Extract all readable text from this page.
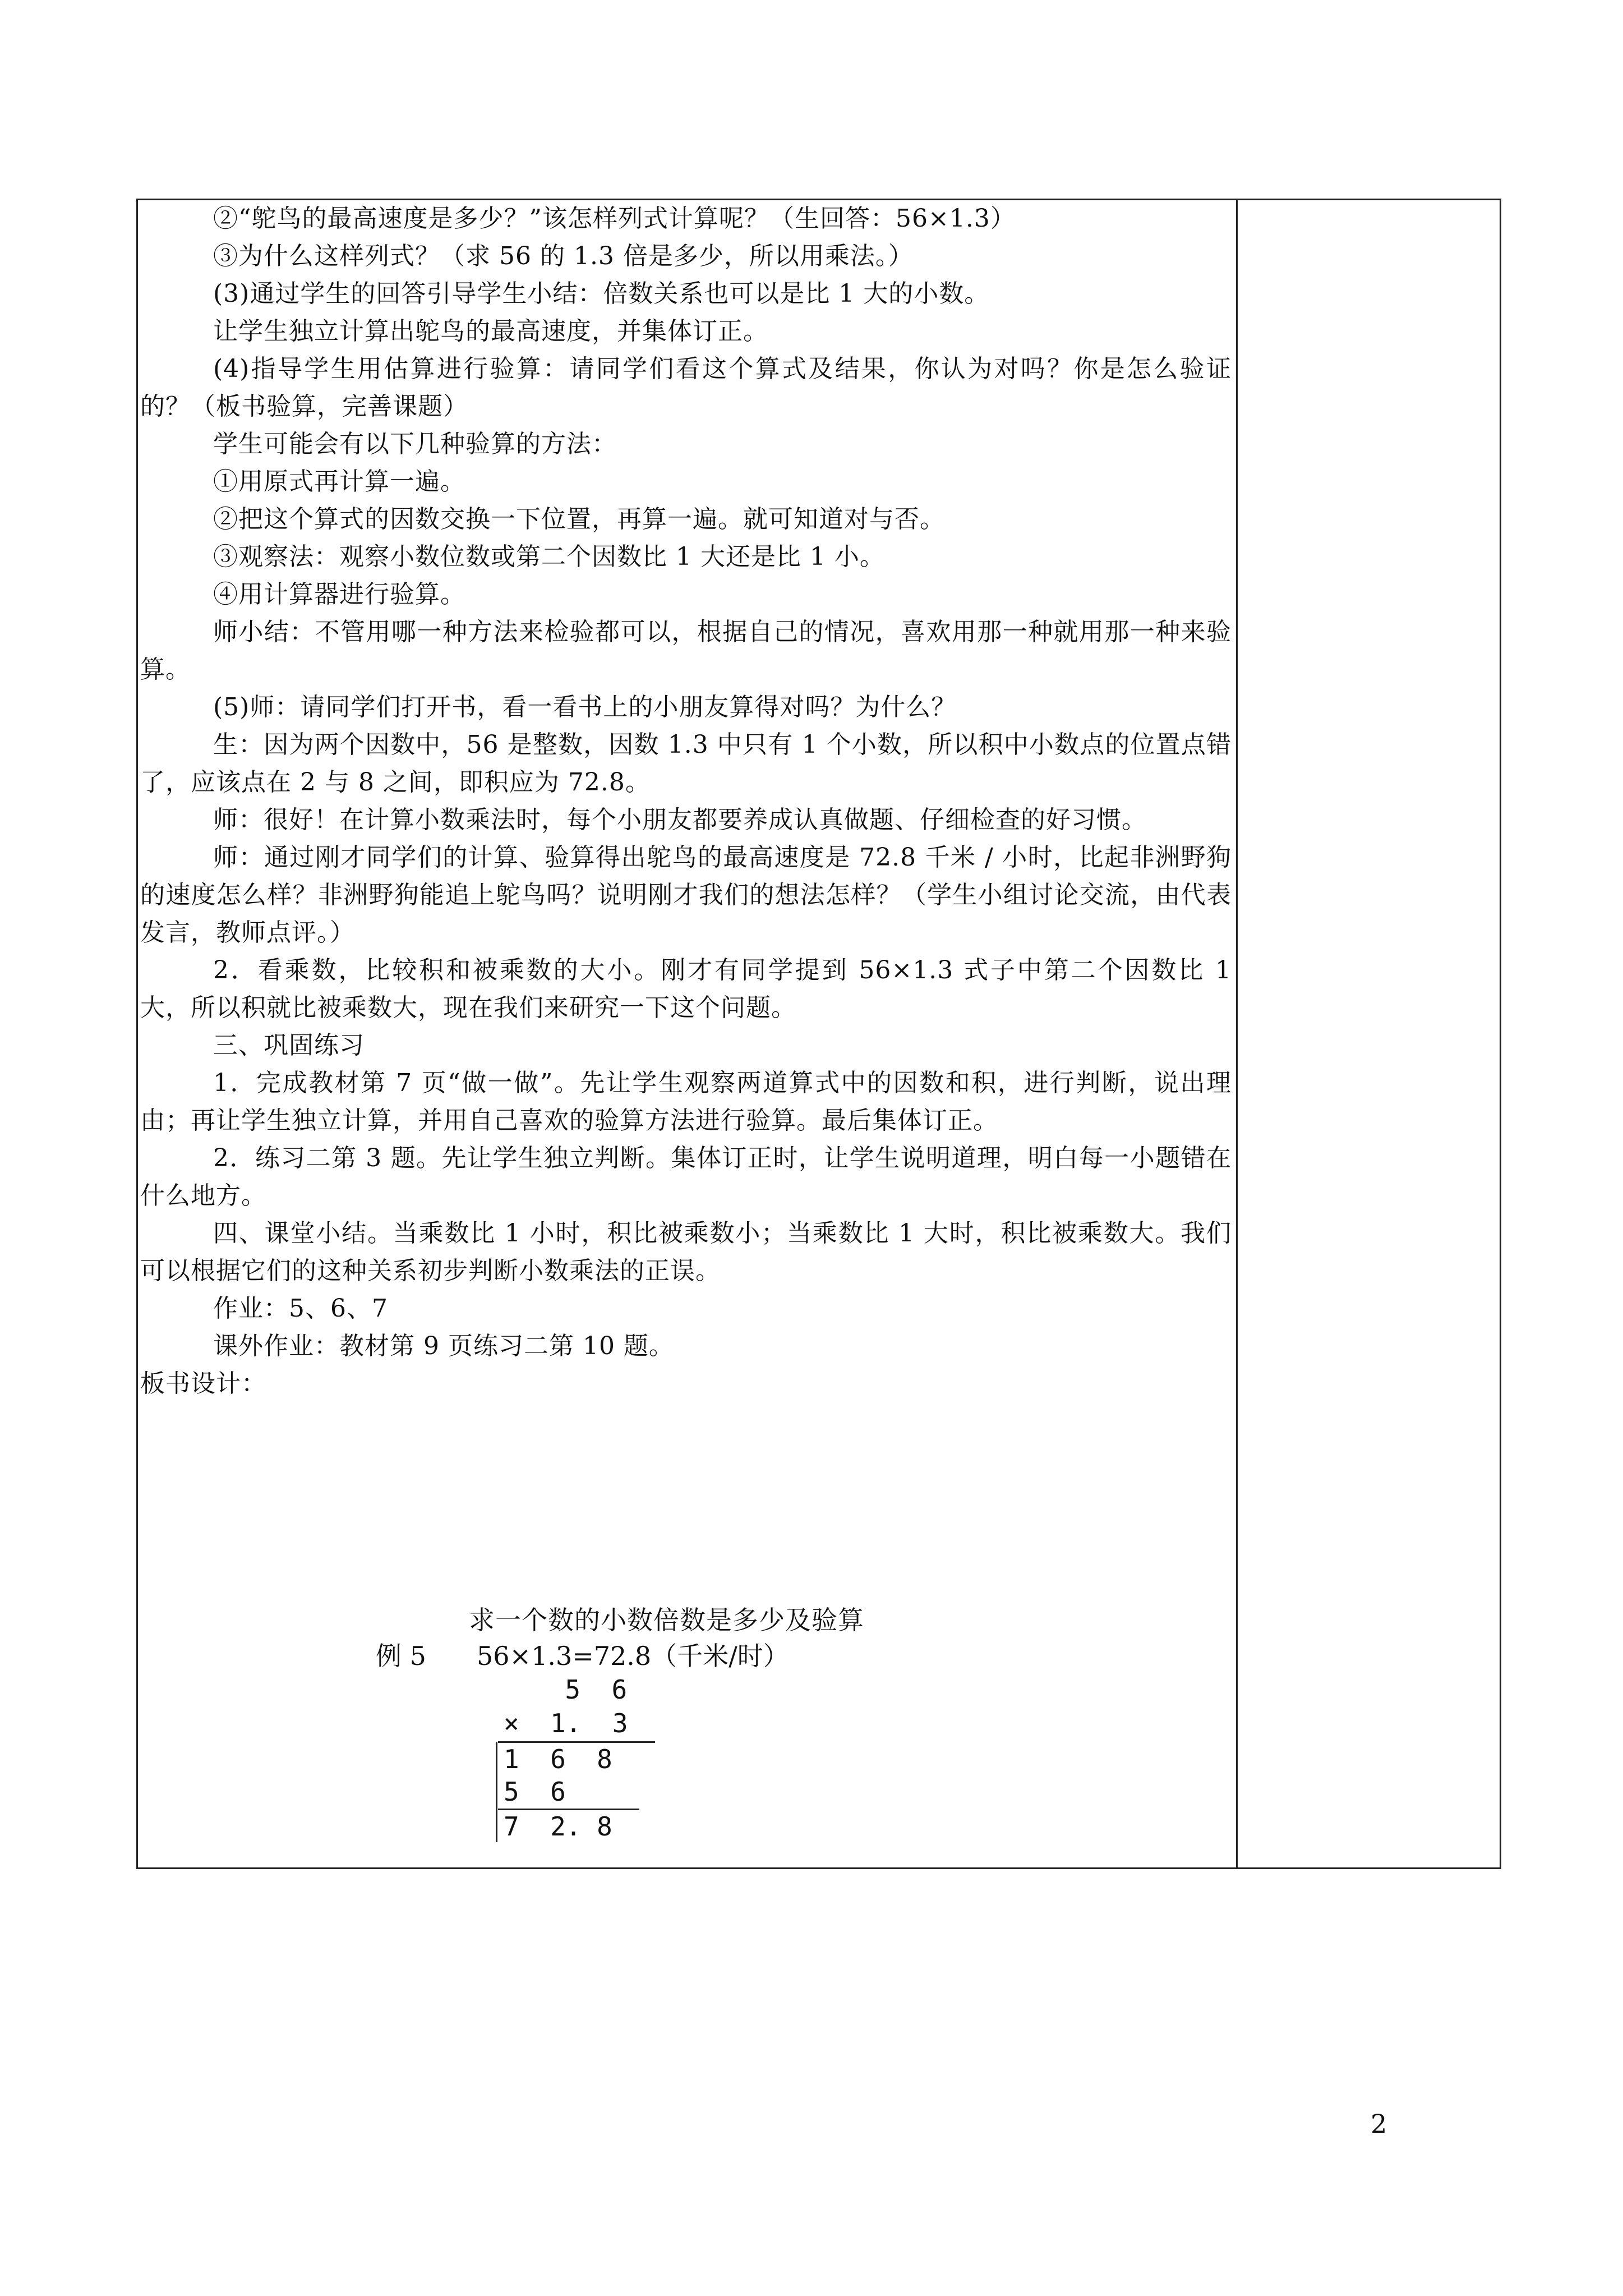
②“鸵鸟的最高速度是多少？”该怎样列式计算呢？（生回答：56×1.3）

③为什么这样列式？（求 56 的 1.3 倍是多少，所以用乘法。）

(3)通过学生的回答引导学生小结：倍数关系也可以是比 1 大的小数。

让学生独立计算出鸵鸟的最高速度，并集体订正。

(4)指导学生用估算进行验算：请同学们看这个算式及结果，你认为对吗？你是怎么验证的？（板书验算，完善课题）

学生可能会有以下几种验算的方法：

①用原式再计算一遍。

②把这个算式的因数交换一下位置，再算一遍。就可知道对与否。

③观察法：观察小数位数或第二个因数比 1 大还是比 1 小。

④用计算器进行验算。

师小结：不管用哪一种方法来检验都可以，根据自己的情况，喜欢用那一种就用那一种来验算。

(5)师：请同学们打开书，看一看书上的小朋友算得对吗？为什么？

生：因为两个因数中，56 是整数，因数 1.3 中只有 1 个小数，所以积中小数点的位置点错了，应该点在 2 与 8 之间，即积应为 72.8。

师：很好！在计算小数乘法时，每个小朋友都要养成认真做题、仔细检查的好习惯。

师：通过刚才同学们的计算、验算得出鸵鸟的最高速度是 72.8 千米 / 小时，比起非洲野狗的速度怎么样？非洲野狗能追上鸵鸟吗？说明刚才我们的想法怎样？（学生小组讨论交流，由代表发言，教师点评。）

2．看乘数，比较积和被乘数的大小。刚才有同学提到 56×1.3 式子中第二个因数比 1 大，所以积就比被乘数大，现在我们来研究一下这个问题。

三、巩固练习

1．完成教材第 7 页“做一做”。先让学生观察两道算式中的因数和积，进行判断，说出理由；再让学生独立计算，并用自己喜欢的验算方法进行验算。最后集体订正。

2．练习二第 3 题。先让学生独立判断。集体订正时，让学生说明道理，明白每一小题错在什么地方。

四、课堂小结。当乘数比 1 小时，积比被乘数小；当乘数比 1 大时，积比被乘数大。我们可以根据它们的这种关系初步判断小数乘法的正误。

作业：5、6、7

课外作业：教材第 9 页练习二第 10 题。

板书设计：

求一个数的小数倍数是多少及验算
例 5 56×1.3=72.8（千米/时）
5  6
×  1.  3
1  6  8
5  6
7  2. 8
2
